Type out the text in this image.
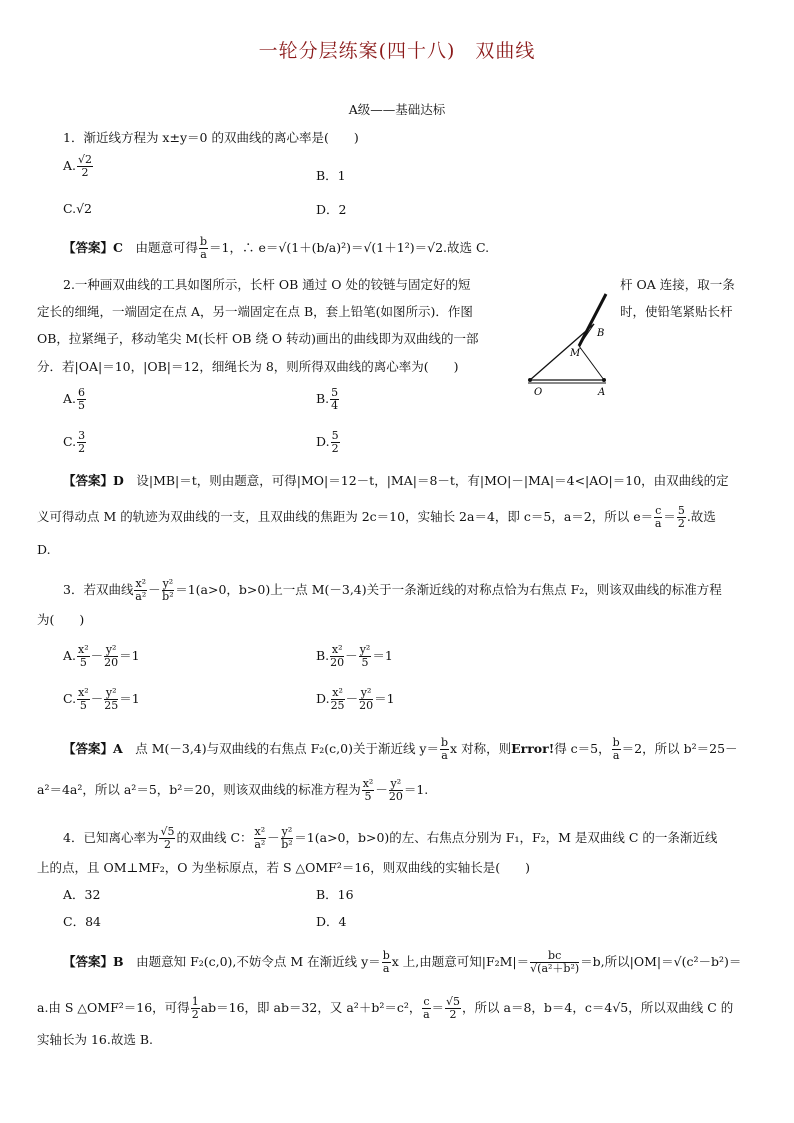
一轮分层练案(四十八)　双曲线
A级——基础达标
1．渐近线方程为 x±y＝0 的双曲线的离心率是(　　)
A. $\frac{√2}{2}$	B．1
C.√2	D．2
【答案】C　 由题意可得 $\frac{b}{a} =1$，∴ e＝√(1＋(b/a)²)＝√(1＋1²)＝√2.故选 C.
2.一种画双曲线的工具如图所示，长杆 OB 通过 O 处的铰链与固定好的短	杆 OA 连接，取一条
定长的细绳，一端固定在点 A，另一端固定在点 B，套上铅笔(如图所示)．作图	时，使铅笔紧贴长杆
OB，拉紧绳子，移动笔尖 M(长杆 OB 绕 O 转动)画出的曲线即为双曲线的一部
分．若|OA|＝10，|OB|＝12，细绳长为 8，则所得双曲线的离心率为(　　)
O	A
B
M
A. $\frac{6}{5}$	B. $\frac{5}{4}$
C. $\frac{3}{2}$	D. $\frac{5}{2}$
【答案】D　 设|MB|＝t，则由题意，可得|MO|＝12－t，|MA|＝8－t，有|MO|－|MA|＝4<|AO|＝10，由双曲线的定
义可得动点 M 的轨迹为双曲线的一支，且双曲线的焦距为 2c＝10，实轴长 2a＝4，即 c＝5，a＝2，所以 $e= \frac{c}{a} = \frac{5}{2}$ .故选
D.
3．若双曲线 $\frac{\text{x²}}{\text{a²}} - \frac{\text{y²}}{\text{b²}} =1(a>0$，b>0)上一点 M(－3,4)关于一条渐近线的对称点恰为右焦点 F₂，则该双曲线的标准方程
为(　　)
A. $\frac{\text{x²}}{5} - \frac{\text{y²}}{20} =1$	B. $\frac{\text{x²}}{20} - \frac{\text{y²}}{5} =1$
C. $\frac{\text{x²}}{5} - \frac{\text{y²}}{25} =1$	D. $\frac{\text{x²}}{25} - \frac{\text{y²}}{20} =1$
【答案】A　 点 M(－3,4)与双曲线的右焦点 F₂(c,0)关于渐近线 $y= \frac{b}{a}$ x 对称，则Error!得 c＝5， $\frac{b}{a} =2$，所以 b²＝25－
a²＝4a²，所以 a²＝5，b²＝20，则该双曲线的标准方程为 $\frac{\text{x²}}{5} - \frac{\text{y²}}{20} =1$.
4．已知离心率为 $\frac{√5}{2}$ 的双曲线 C： $\frac{\text{x²}}{\text{a²}} - \frac{\text{y²}}{\text{b²}} =1(a>0$，b>0)的左、右焦点分别为 F₁，F₂，M 是双曲线 C 的一条渐近线
上的点，且 OM⊥MF₂，O 为坐标原点，若 S △OMF²＝16，则双曲线的实轴长是(　　)
A．32	B．16
C．84	D．4
【答案】B　 由题意知 F₂(c,0),不妨令点 M 在渐近线 $y= \frac{b}{a}$ x 上,由题意可知$|F_2M|= \frac{bc}{\text{√(a²＋b²)}} =b$,所以|OM|＝√(c²－b²)＝
a.由 S △OMF²＝16，可得 $\frac{1}{2} ab=16$，即 ab＝32，又 a²＋b²＝c²， $\frac{c}{a} = \frac{√5}{2}$ ，所以 a＝8，b＝4，c＝4√5，所以双曲线 C 的
实轴长为 16.故选 B.
